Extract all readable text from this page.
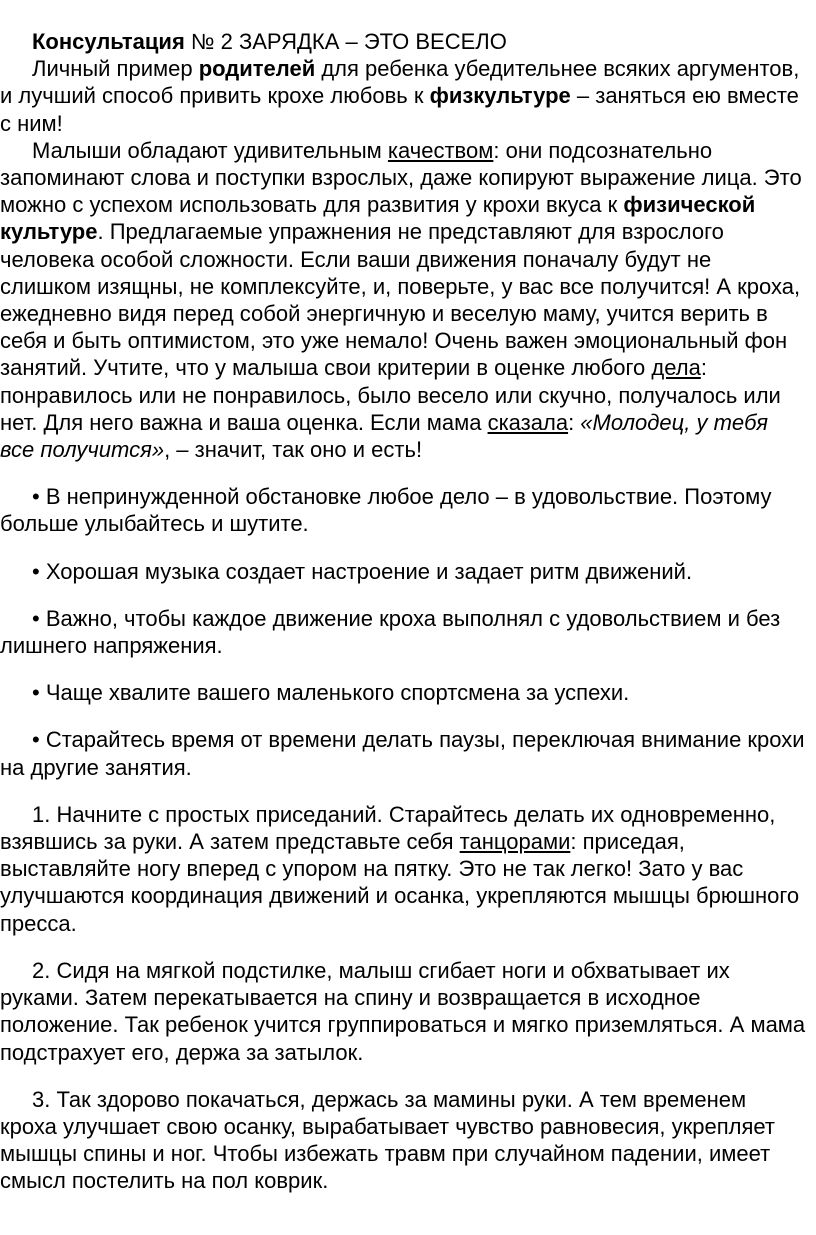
Консультация № 2 ЗАРЯДКА – ЭТО ВЕСЕЛО

Личный пример родителей для ребенка убедительнее всяких аргументов, и лучший способ привить крохе любовь к физкультуре – заняться ею вместе с ним!

Малыши обладают удивительным качеством: они подсознательно запоминают слова и поступки взрослых, даже копируют выражение лица. Это можно с успехом использовать для развития у крохи вкуса к физической культуре. Предлагаемые упражнения не представляют для взрослого человека особой сложности. Если ваши движения поначалу будут не слишком изящны, не комплексуйте, и, поверьте, у вас все получится! А кроха, ежедневно видя перед собой энергичную и веселую маму, учится верить в себя и быть оптимистом, это уже немало! Очень важен эмоциональный фон занятий. Учтите, что у малыша свои критерии в оценке любого дела: понравилось или не понравилось, было весело или скучно, получалось или нет. Для него важна и ваша оценка. Если мама сказала: «Молодец, у тебя все получится», – значит, так оно и есть!

• В непринужденной обстановке любое дело – в удовольствие. Поэтому больше улыбайтесь и шутите.

• Хорошая музыка создает настроение и задает ритм движений.

• Важно, чтобы каждое движение кроха выполнял с удовольствием и без лишнего напряжения.

• Чаще хвалите вашего маленького спортсмена за успехи.

• Старайтесь время от времени делать паузы, переключая внимание крохи на другие занятия.

1. Начните с простых приседаний. Старайтесь делать их одновременно, взявшись за руки. А затем представьте себя танцорами: приседая, выставляйте ногу вперед с упором на пятку. Это не так легко! Зато у вас улучшаются координация движений и осанка, укрепляются мышцы брюшного пресса.

2. Сидя на мягкой подстилке, малыш сгибает ноги и обхватывает их руками. Затем перекатывается на спину и возвращается в исходное положение. Так ребенок учится группироваться и мягко приземляться. А мама подстрахует его, держа за затылок.

3. Так здорово покачаться, держась за мамины руки. А тем временем кроха улучшает свою осанку, вырабатывает чувство равновесия, укрепляет мышцы спины и ног. Чтобы избежать травм при случайном падении, имеет смысл постелить на пол коврик.
